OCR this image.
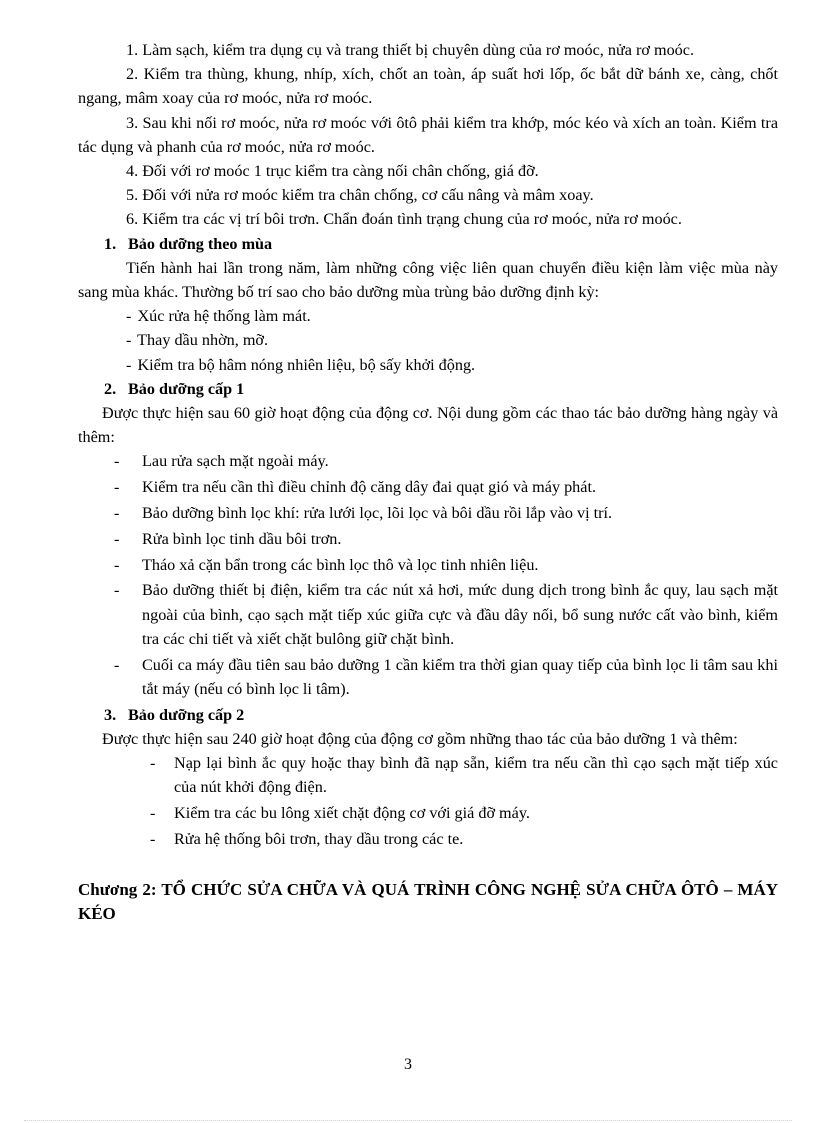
1. Làm sạch, kiểm tra dụng cụ và trang thiết bị chuyên dùng của rơ moóc, nửa rơ moóc.

2. Kiểm tra thùng, khung, nhíp, xích, chốt an toàn, áp suất hơi lốp, ốc bắt dữ bánh xe, càng, chốt ngang, mâm xoay của rơ moóc, nửa rơ moóc.

3. Sau khi nối rơ moóc, nửa rơ moóc với ôtô phải kiểm tra khớp, móc kéo và xích an toàn. Kiểm tra tác dụng và phanh của rơ moóc, nửa rơ moóc.

4. Đối với rơ moóc 1 trục kiểm tra càng nối chân chống, giá đỡ.

5. Đối với nửa rơ moóc kiểm tra chân chống, cơ cấu nâng và mâm xoay.

6. Kiểm tra các vị trí bôi trơn. Chẩn đoán tình trạng chung của rơ moóc, nửa rơ moóc.

1. Bảo dưỡng theo mùa

Tiến hành hai lần trong năm, làm những công việc liên quan chuyển điều kiện làm việc mùa này sang mùa khác. Thường bố trí sao cho bảo dưỡng mùa trùng bảo dưỡng định kỳ:

- Xúc rửa hệ thống làm mát.

- Thay dầu nhờn, mỡ.

- Kiểm tra bộ hâm nóng nhiên liệu, bộ sấy khởi động.

2. Bảo dưỡng cấp 1

Được thực hiện sau 60 giờ hoạt động của động cơ. Nội dung gồm các thao tác bảo dưỡng hàng ngày và thêm:

- Lau rửa sạch mặt ngoài máy.
- Kiểm tra nếu cần thì điều chỉnh độ căng dây đai quạt gió và máy phát.
- Bảo dưỡng bình lọc khí: rửa lưới lọc, lõi lọc và bôi dầu rồi lắp vào vị trí.
- Rửa bình lọc tinh dầu bôi trơn.
- Tháo xả cặn bẩn trong các bình lọc thô và lọc tinh nhiên liệu.
- Bảo dưỡng thiết bị điện, kiểm tra các nút xả hơi, mức dung dịch trong bình ắc quy, lau sạch mặt ngoài của bình, cạo sạch mặt tiếp xúc giữa cực và đầu dây nối, bổ sung nước cất vào bình, kiểm tra các chi tiết và xiết chặt bulông giữ chặt bình.
- Cuối ca máy đầu tiên sau bảo dưỡng 1 cần kiểm tra thời gian quay tiếp của bình lọc li tâm sau khi tắt máy (nếu có bình lọc li tâm).

3. Bảo dưỡng cấp 2

Được thực hiện sau 240 giờ hoạt động của động cơ gồm những thao tác của bảo dưỡng 1 và thêm:

- Nạp lại bình ắc quy hoặc thay bình đã nạp sẵn, kiểm tra nếu cần thì cạo sạch mặt tiếp xúc của nút khởi động điện.
- Kiểm tra các bu lông xiết chặt động cơ với giá đỡ máy.
- Rửa hệ thống bôi trơn, thay dầu trong các te.

Chương 2: TỔ CHỨC SỬA CHỮA VÀ QUÁ TRÌNH CÔNG NGHỆ SỬA CHỮA ÔTÔ – MÁY KÉO

3
